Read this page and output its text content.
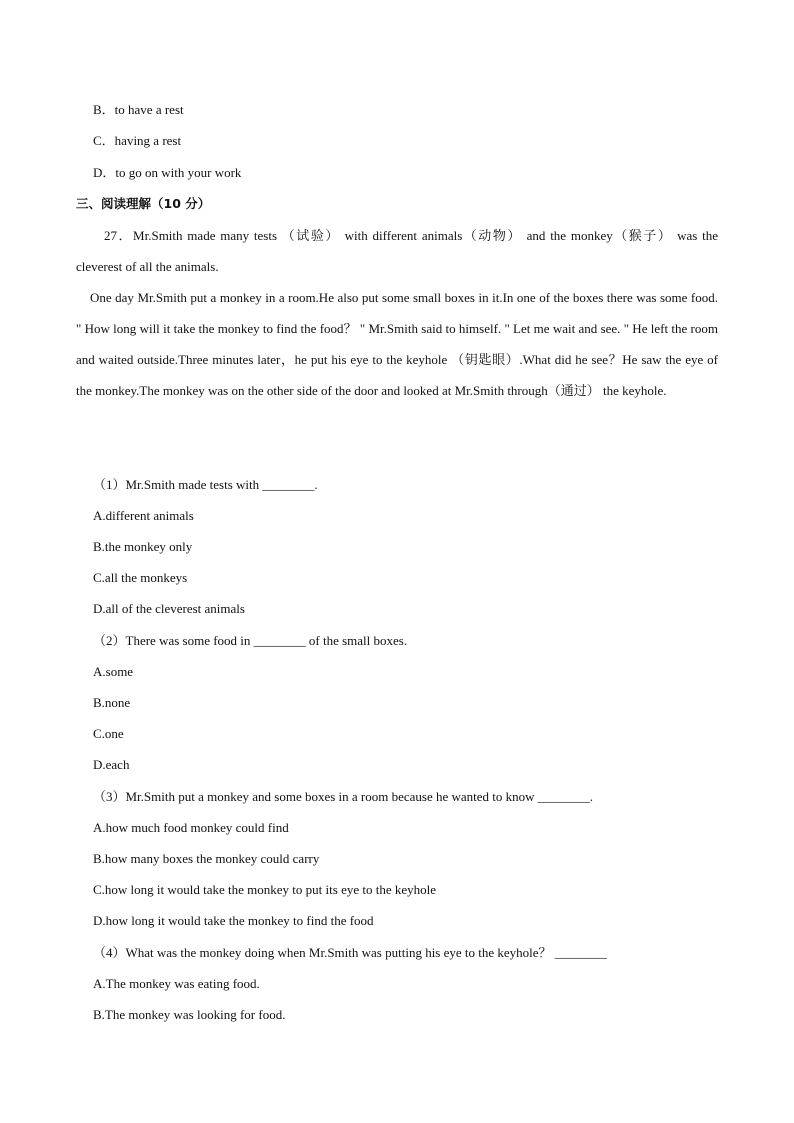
B．to have a rest
C．having a rest
D．to go on with your work
三、阅读理解（10 分）
27．Mr.Smith made many tests （试验） with different animals（动物） and the monkey（猴子） was the cleverest of all the animals.
One day Mr.Smith put a monkey in a room.He also put some small boxes in it.In one of the boxes there was some food. " How long will it take the monkey to find the food？ " Mr.Smith said to himself. " Let me wait and see. " He left the room and waited outside.Three minutes later，he put his eye to the keyhole （钥匙眼）.What did he see？He saw the eye of the monkey.The monkey was on the other side of the door and looked at Mr.Smith through（通过） the keyhole.
（1）Mr.Smith made tests with ________.
A.different animals
B.the monkey only
C.all the monkeys
D.all of the cleverest animals
（2）There was some food in ________ of the small boxes.
A.some
B.none
C.one
D.each
（3）Mr.Smith put a monkey and some boxes in a room because he wanted to know ________.
A.how much food monkey could find
B.how many boxes the monkey could carry
C.how long it would take the monkey to put its eye to the keyhole
D.how long it would take the monkey to find the food
（4）What was the monkey doing when Mr.Smith was putting his eye to the keyhole？ ________
A.The monkey was eating food.
B.The monkey was looking for food.
